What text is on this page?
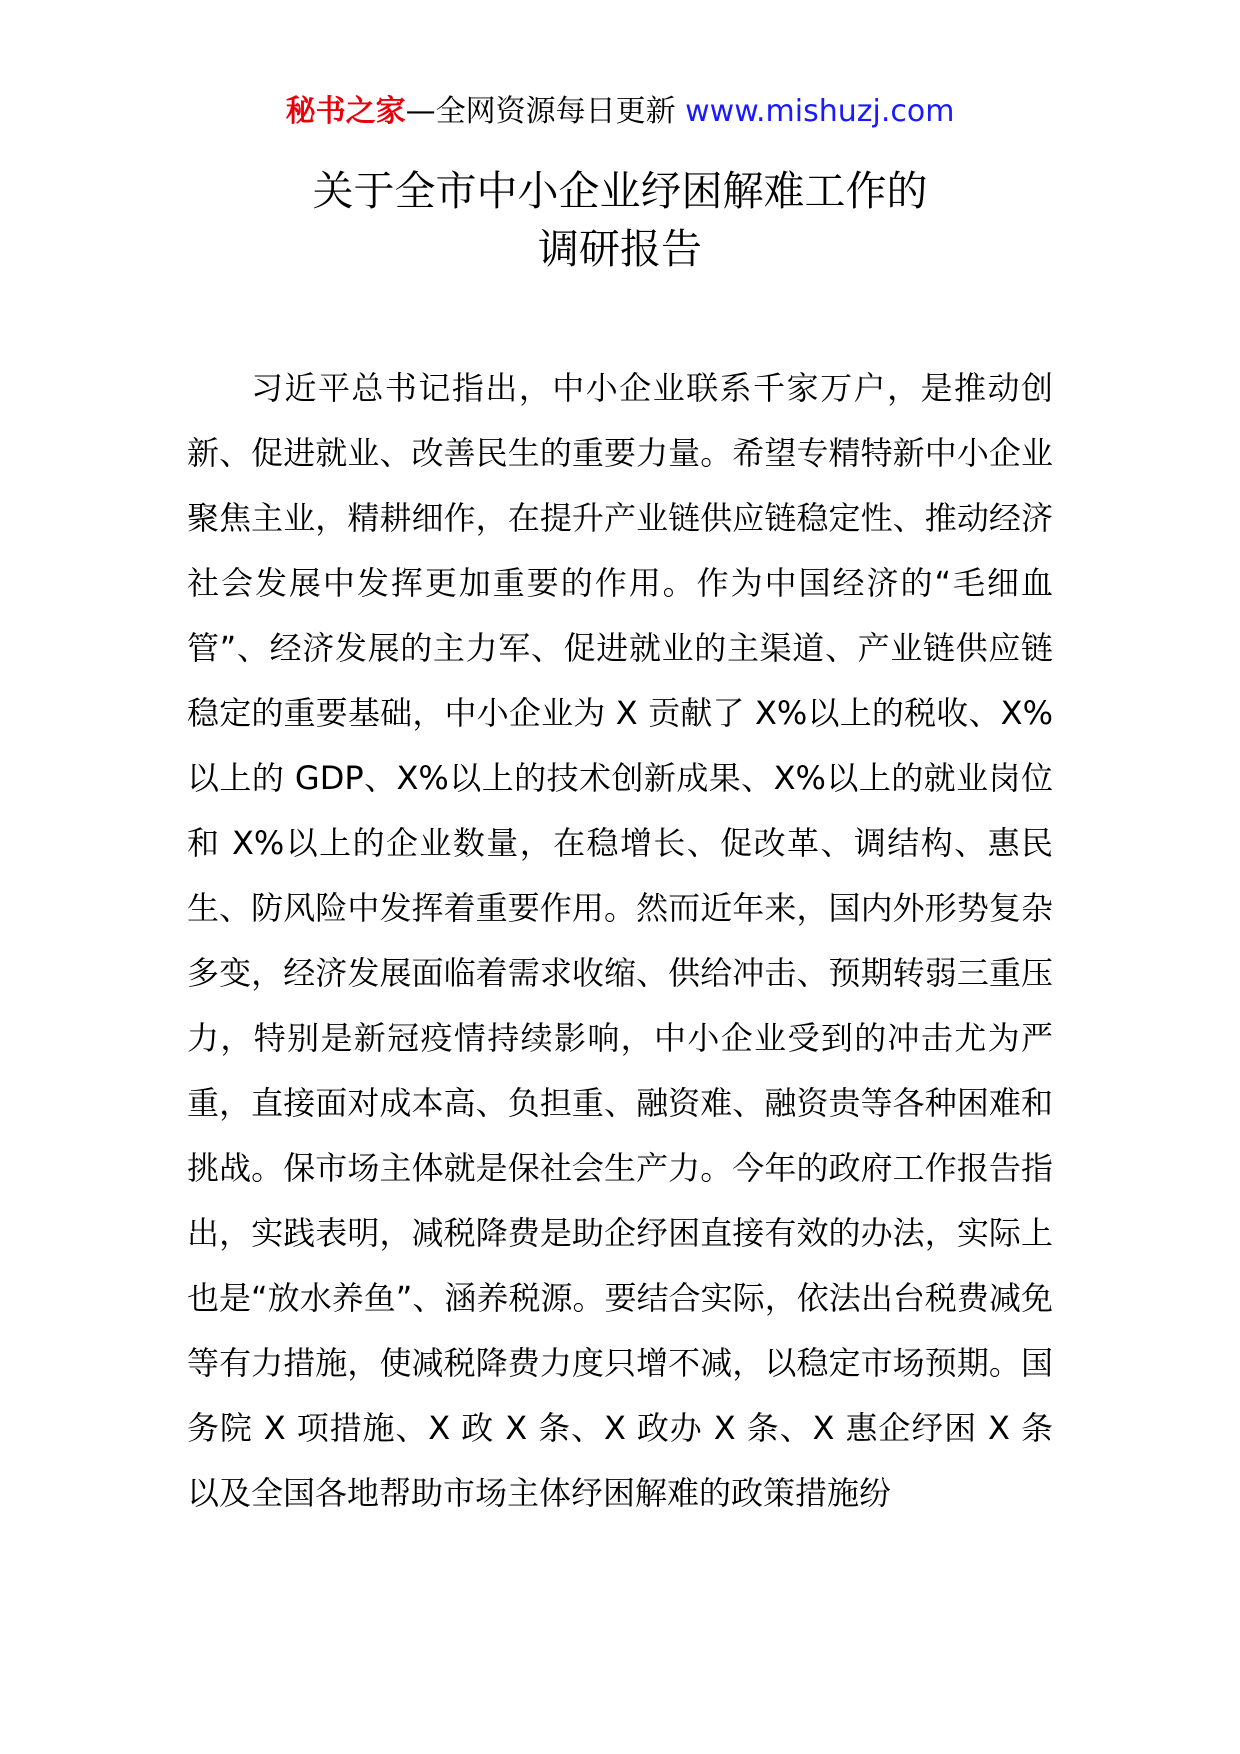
秘书之家—全网资源每日更新 www.mishuzj.com
关于全市中小企业纾困解难工作的
调研报告

习近平总书记指出，中小企业联系千家万户，是推动创新、促进就业、改善民生的重要力量。希望专精特新中小企业聚焦主业，精耕细作，在提升产业链供应链稳定性、推动经济社会发展中发挥更加重要的作用。作为中国经济的“毛细血管”、经济发展的主力军、促进就业的主渠道、产业链供应链稳定的重要基础，中小企业为 X 贡献了 X%以上的税收、X%以上的 GDP、X%以上的技术创新成果、X%以上的就业岗位和 X%以上的企业数量，在稳增长、促改革、调结构、惠民生、防风险中发挥着重要作用。然而近年来，国内外形势复杂多变，经济发展面临着需求收缩、供给冲击、预期转弱三重压力，特别是新冠疫情持续影响，中小企业受到的冲击尤为严重，直接面对成本高、负担重、融资难、融资贵等各种困难和挑战。保市场主体就是保社会生产力。今年的政府工作报告指出，实践表明，减税降费是助企纾困直接有效的办法，实际上也是“放水养鱼”、涵养税源。要结合实际，依法出台税费减免等有力措施，使减税降费力度只增不减，以稳定市场预期。国务院 X 项措施、X 政 X 条、X 政办 X 条、X 惠企纾困 X 条以及全国各地帮助市场主体纾困解难的政策措施纷
